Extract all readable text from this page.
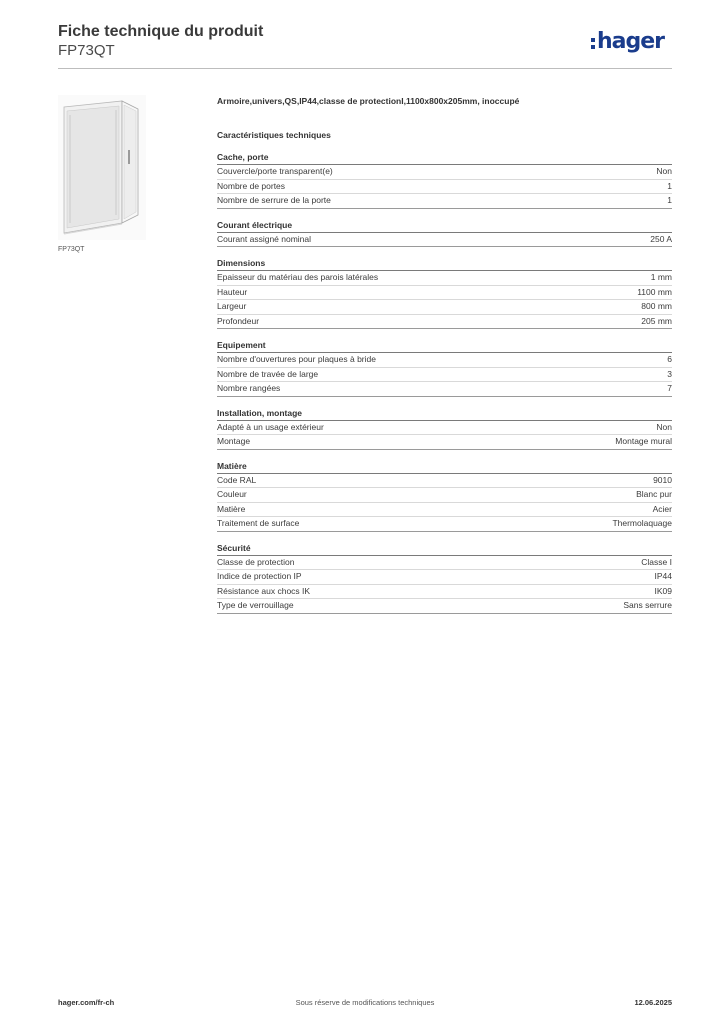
Fiche technique du produit
FP73QT	hager
FP73QT
Armoire,univers,QS,IP44,classe de protectionI,1100x800x205mm, inoccupé
Caractéristiques techniques
Cache, porte
Couvercle/porte transparent(e)	Non
Nombre de portes	1
Nombre de serrure de la porte	1
Courant électrique
Courant assigné nominal	250 A
Dimensions
Epaisseur du matériau des parois latérales	1 mm
Hauteur	1100 mm
Largeur	800 mm
Profondeur	205 mm
Equipement
Nombre d'ouvertures pour plaques à bride	6
Nombre de travée de large	3
Nombre rangées	7
Installation, montage
Adapté à un usage extérieur	Non
Montage	Montage mural
Matière
Code RAL	9010
Couleur	Blanc pur
Matière	Acier
Traitement de surface	Thermolaquage
Sécurité
Classe de protection	Classe I
Indice de protection IP	IP44
Résistance aux chocs IK	IK09
Type de verrouillage	Sans serrure
hager.com/fr-ch	Sous réserve de modifications techniques	12.06.2025
